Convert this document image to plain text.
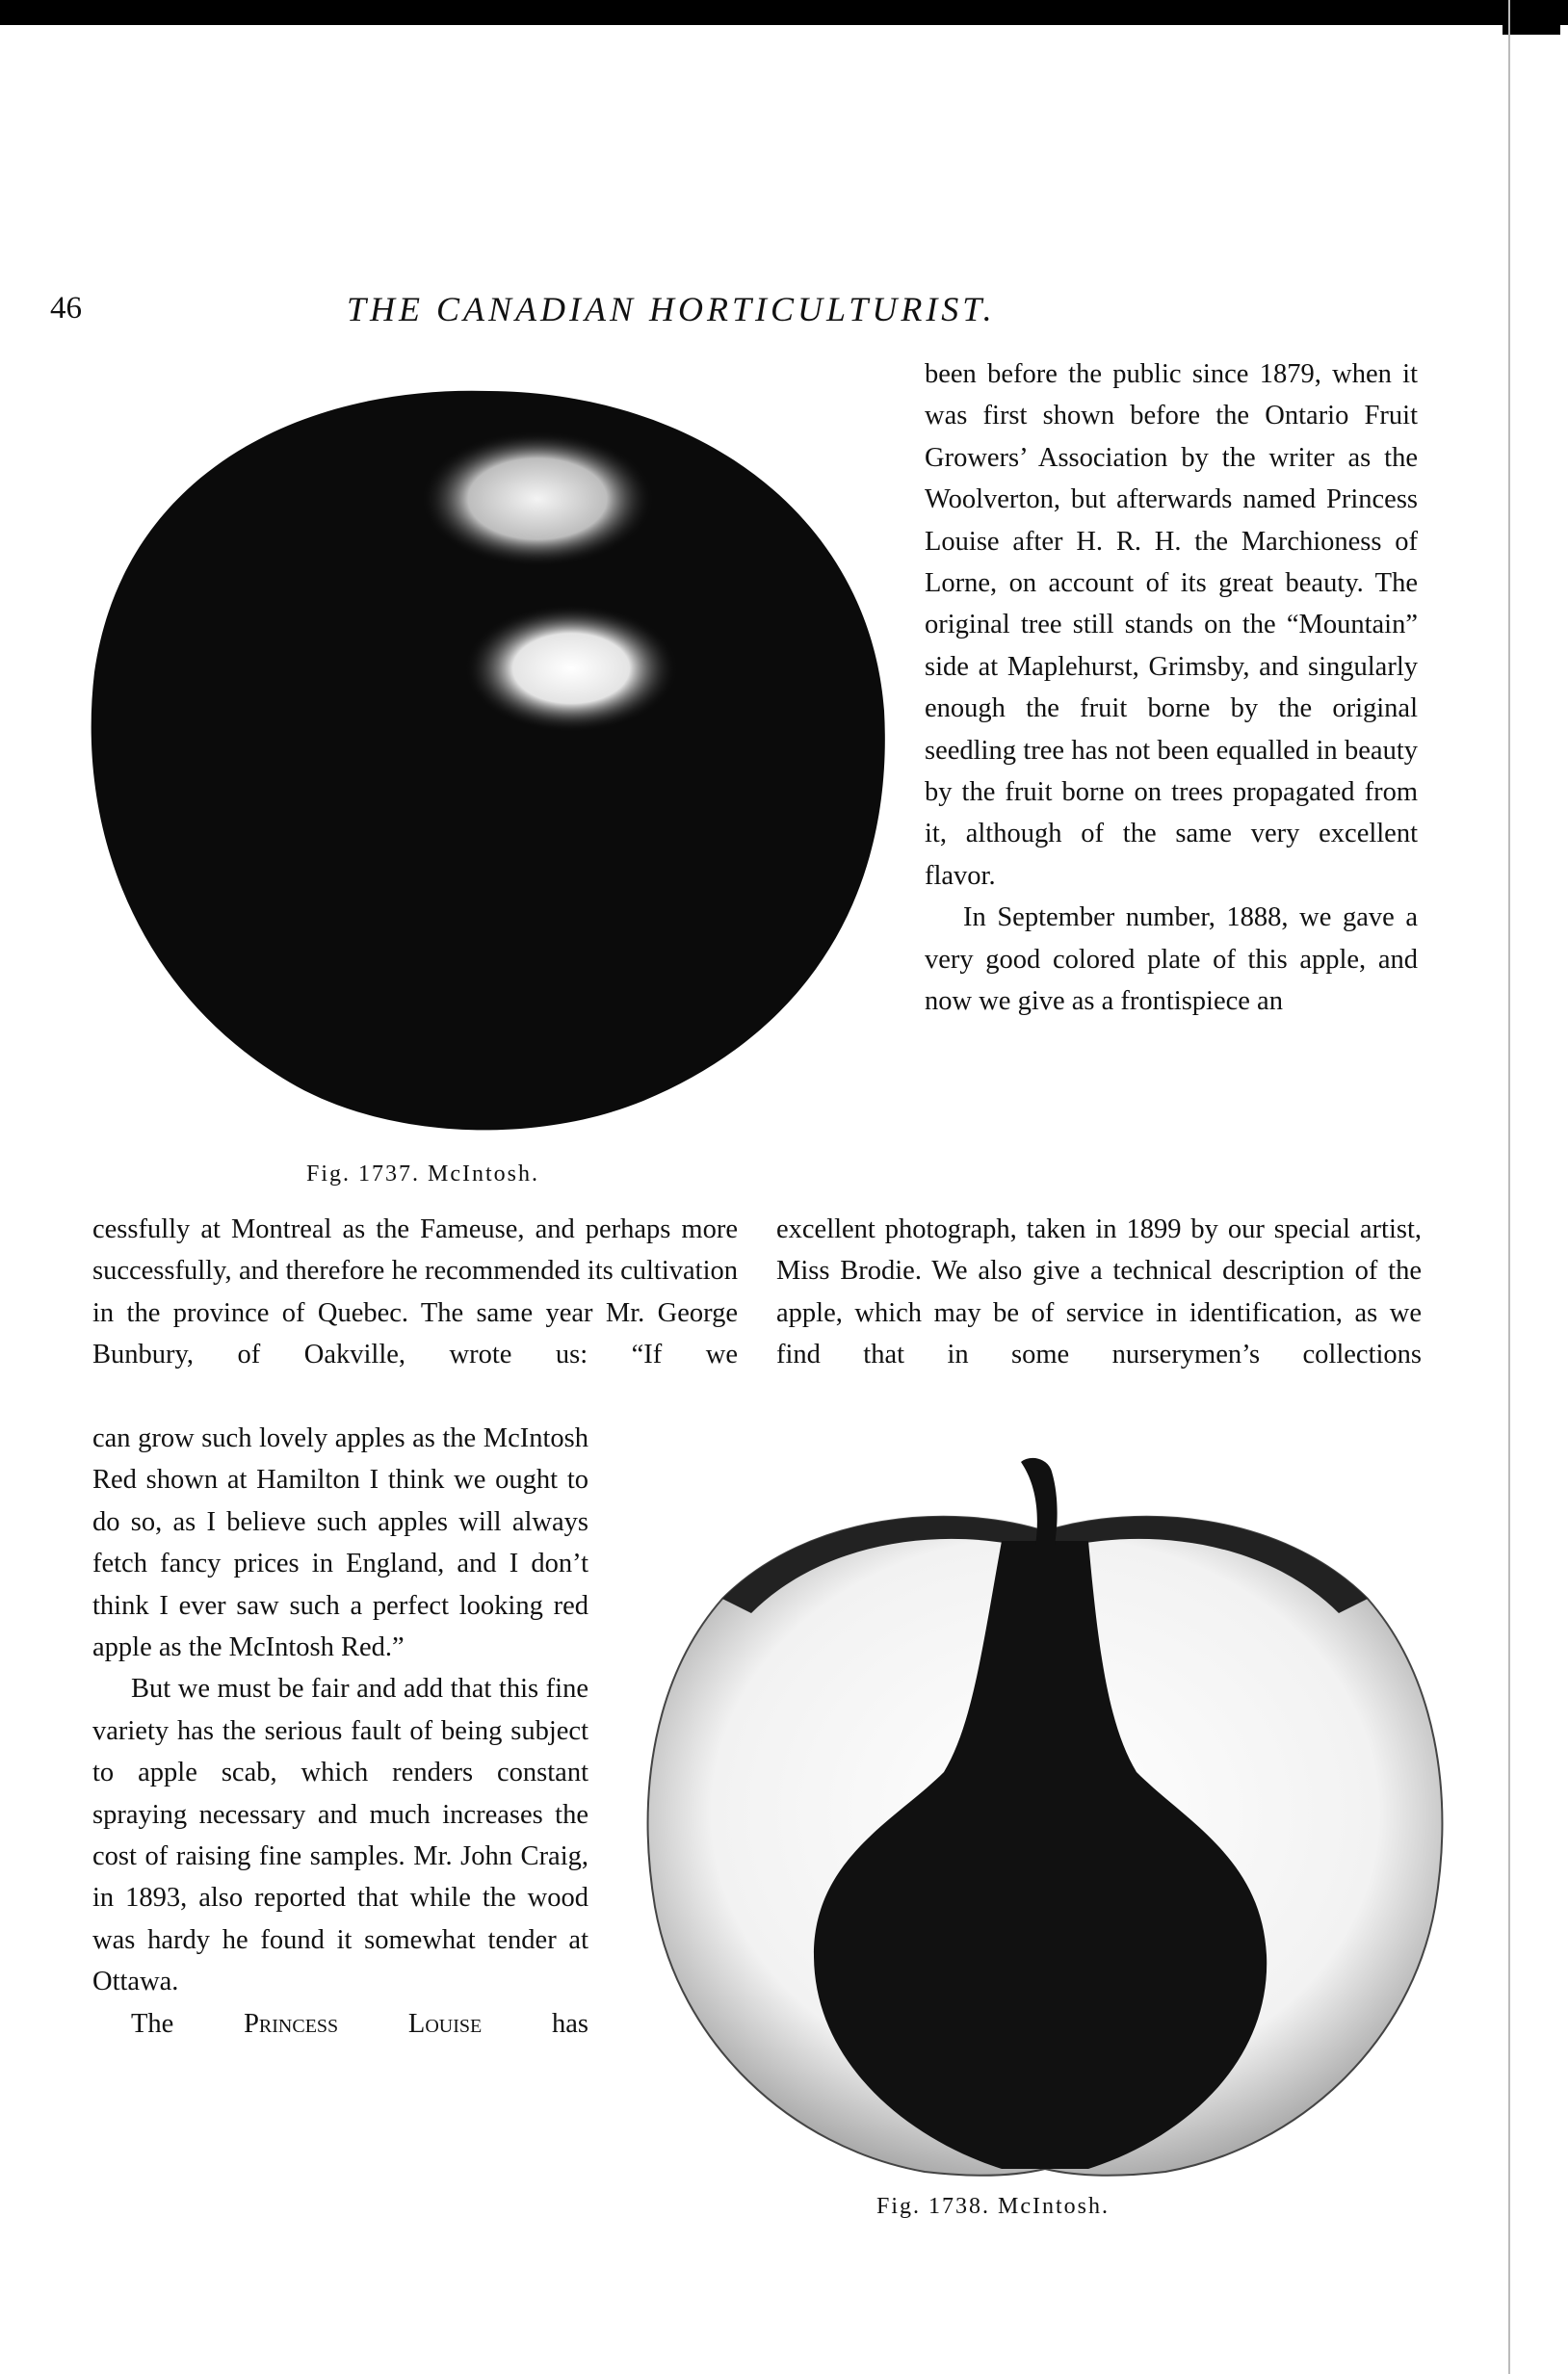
46	THE CANADIAN HORTICULTURIST.
Fig. 1737. McIntosh.

been before the public since 1879, when it was first shown before the Ontario Fruit Growers’ Association by the writer as the Woolverton, but afterwards named Princess Louise after H. R. H. the Marchioness of Lorne, on account of its great beauty. The original tree still stands on the “Mountain” side at Maplehurst, Grimsby, and singularly enough the fruit borne by the original seedling tree has not been equalled in beauty by the fruit borne on trees propagated from it, although of the same very excellent flavor.

In September number, 1888, we gave a very good colored plate of this apple, and now we give as a frontispiece an

cessfully at Montreal as the Fameuse, and perhaps more successfully, and therefore he recommended its cultivation in the province of Quebec. The same year Mr. George Bunbury, of Oakville, wrote us: “If we

excellent photograph, taken in 1899 by our special artist, Miss Brodie. We also give a technical description of the apple, which may be of service in identification, as we find that in some nurserymen’s collections

can grow such lovely apples as the McIntosh Red shown at Hamilton I think we ought to do so, as I believe such apples will always fetch fancy prices in England, and I don’t think I ever saw such a perfect looking red apple as the McIntosh Red.”

But we must be fair and add that this fine variety has the serious fault of being subject to apple scab, which renders constant spraying necessary and much increases the cost of raising fine samples. Mr. John Craig, in 1893, also reported that while the wood was hardy he found it somewhat tender at Ottawa.

The	Princess Louise	has

Fig. 1738. McIntosh.
